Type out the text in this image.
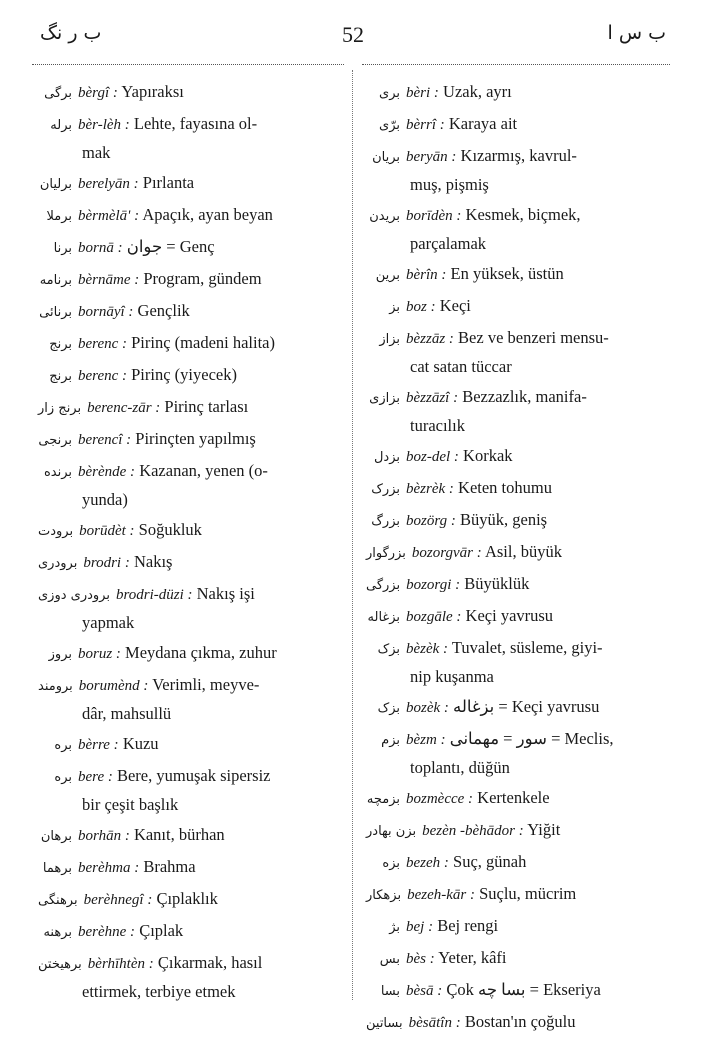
ب ر نگ	52	ب س ا
برگی bèrgî : Yapıraksı
برله bèr-lèh : Lehte, fayasına ol-
mak
برلیان berelyān : Pırlanta
برملا bèrmèlā' : Apaçık, ayan beyan
برنا bornā : جوان = Genç
برنامه bèrnāme : Program, gündem
برنائی bornāyî : Gençlik
برنج berenc : Pirinç (madeni halita)
برنج berenc : Pirinç (yiyecek)
برنج زار berenc-zār : Pirinç tarlası
برنجی berencî : Pirinçten yapılmış
برنده bèrènde : Kazanan, yenen (o-
yunda)
برودت borūdèt : Soğukluk
برودری brodri : Nakış
برودری دوزی brodri-düzi : Nakış işi
yapmak
بروز boruz : Meydana çıkma, zuhur
برومند borumènd : Verimli, meyve-
dâr, mahsullü
بره bèrre : Kuzu
بره bere : Bere, yumuşak sipersiz
bir çeşit başlık
برهان borhān : Kanıt, bürhan
برهما berèhma : Brahma
برهنگی berèhnegî : Çıplaklık
برهنه berèhne : Çıplak
برهیختن bèrhīhtèn : Çıkarmak, hasıl
ettirmek, terbiye etmek
بری bèri : Uzak, ayrı
برّی bèrrî : Karaya ait
بریان beryān : Kızarmış, kavrul-
muş, pişmiş
بریدن borīdèn : Kesmek, biçmek,
parçalamak
برین bèrîn : En yüksek, üstün
بز boz : Keçi
بزاز bèzzāz : Bez ve benzeri mensu-
cat satan tüccar
بزازی bèzzāzî : Bezzazlık, manifa-
turacılık
بزدل boz-del : Korkak
بزرک bèzrèk : Keten tohumu
بزرگ bozörg : Büyük, geniş
بزرگوار bozorgvār : Asil, büyük
بزرگی bozorgi : Büyüklük
بزغاله bozgāle : Keçi yavrusu
بزک bèzèk : Tuvalet, süsleme, giyi-
nip kuşanma
بزک bozèk : بزغاله = Keçi yavrusu
بزم bèzm : سور = مهمانی = Meclis,
toplantı, düğün
بزمچه bozmècce : Kertenkele
بزن بهادر bezèn -bèhādor : Yiğit
بزه bezeh : Suç, günah
بزهکار bezeh-kār : Suçlu, mücrim
بژ bej : Bej rengi
بس bès : Yeter, kâfi
بسا bèsā : Çok بسا چه = Ekseriya
بساتین bèsātîn : Bostan'ın çoğulu
